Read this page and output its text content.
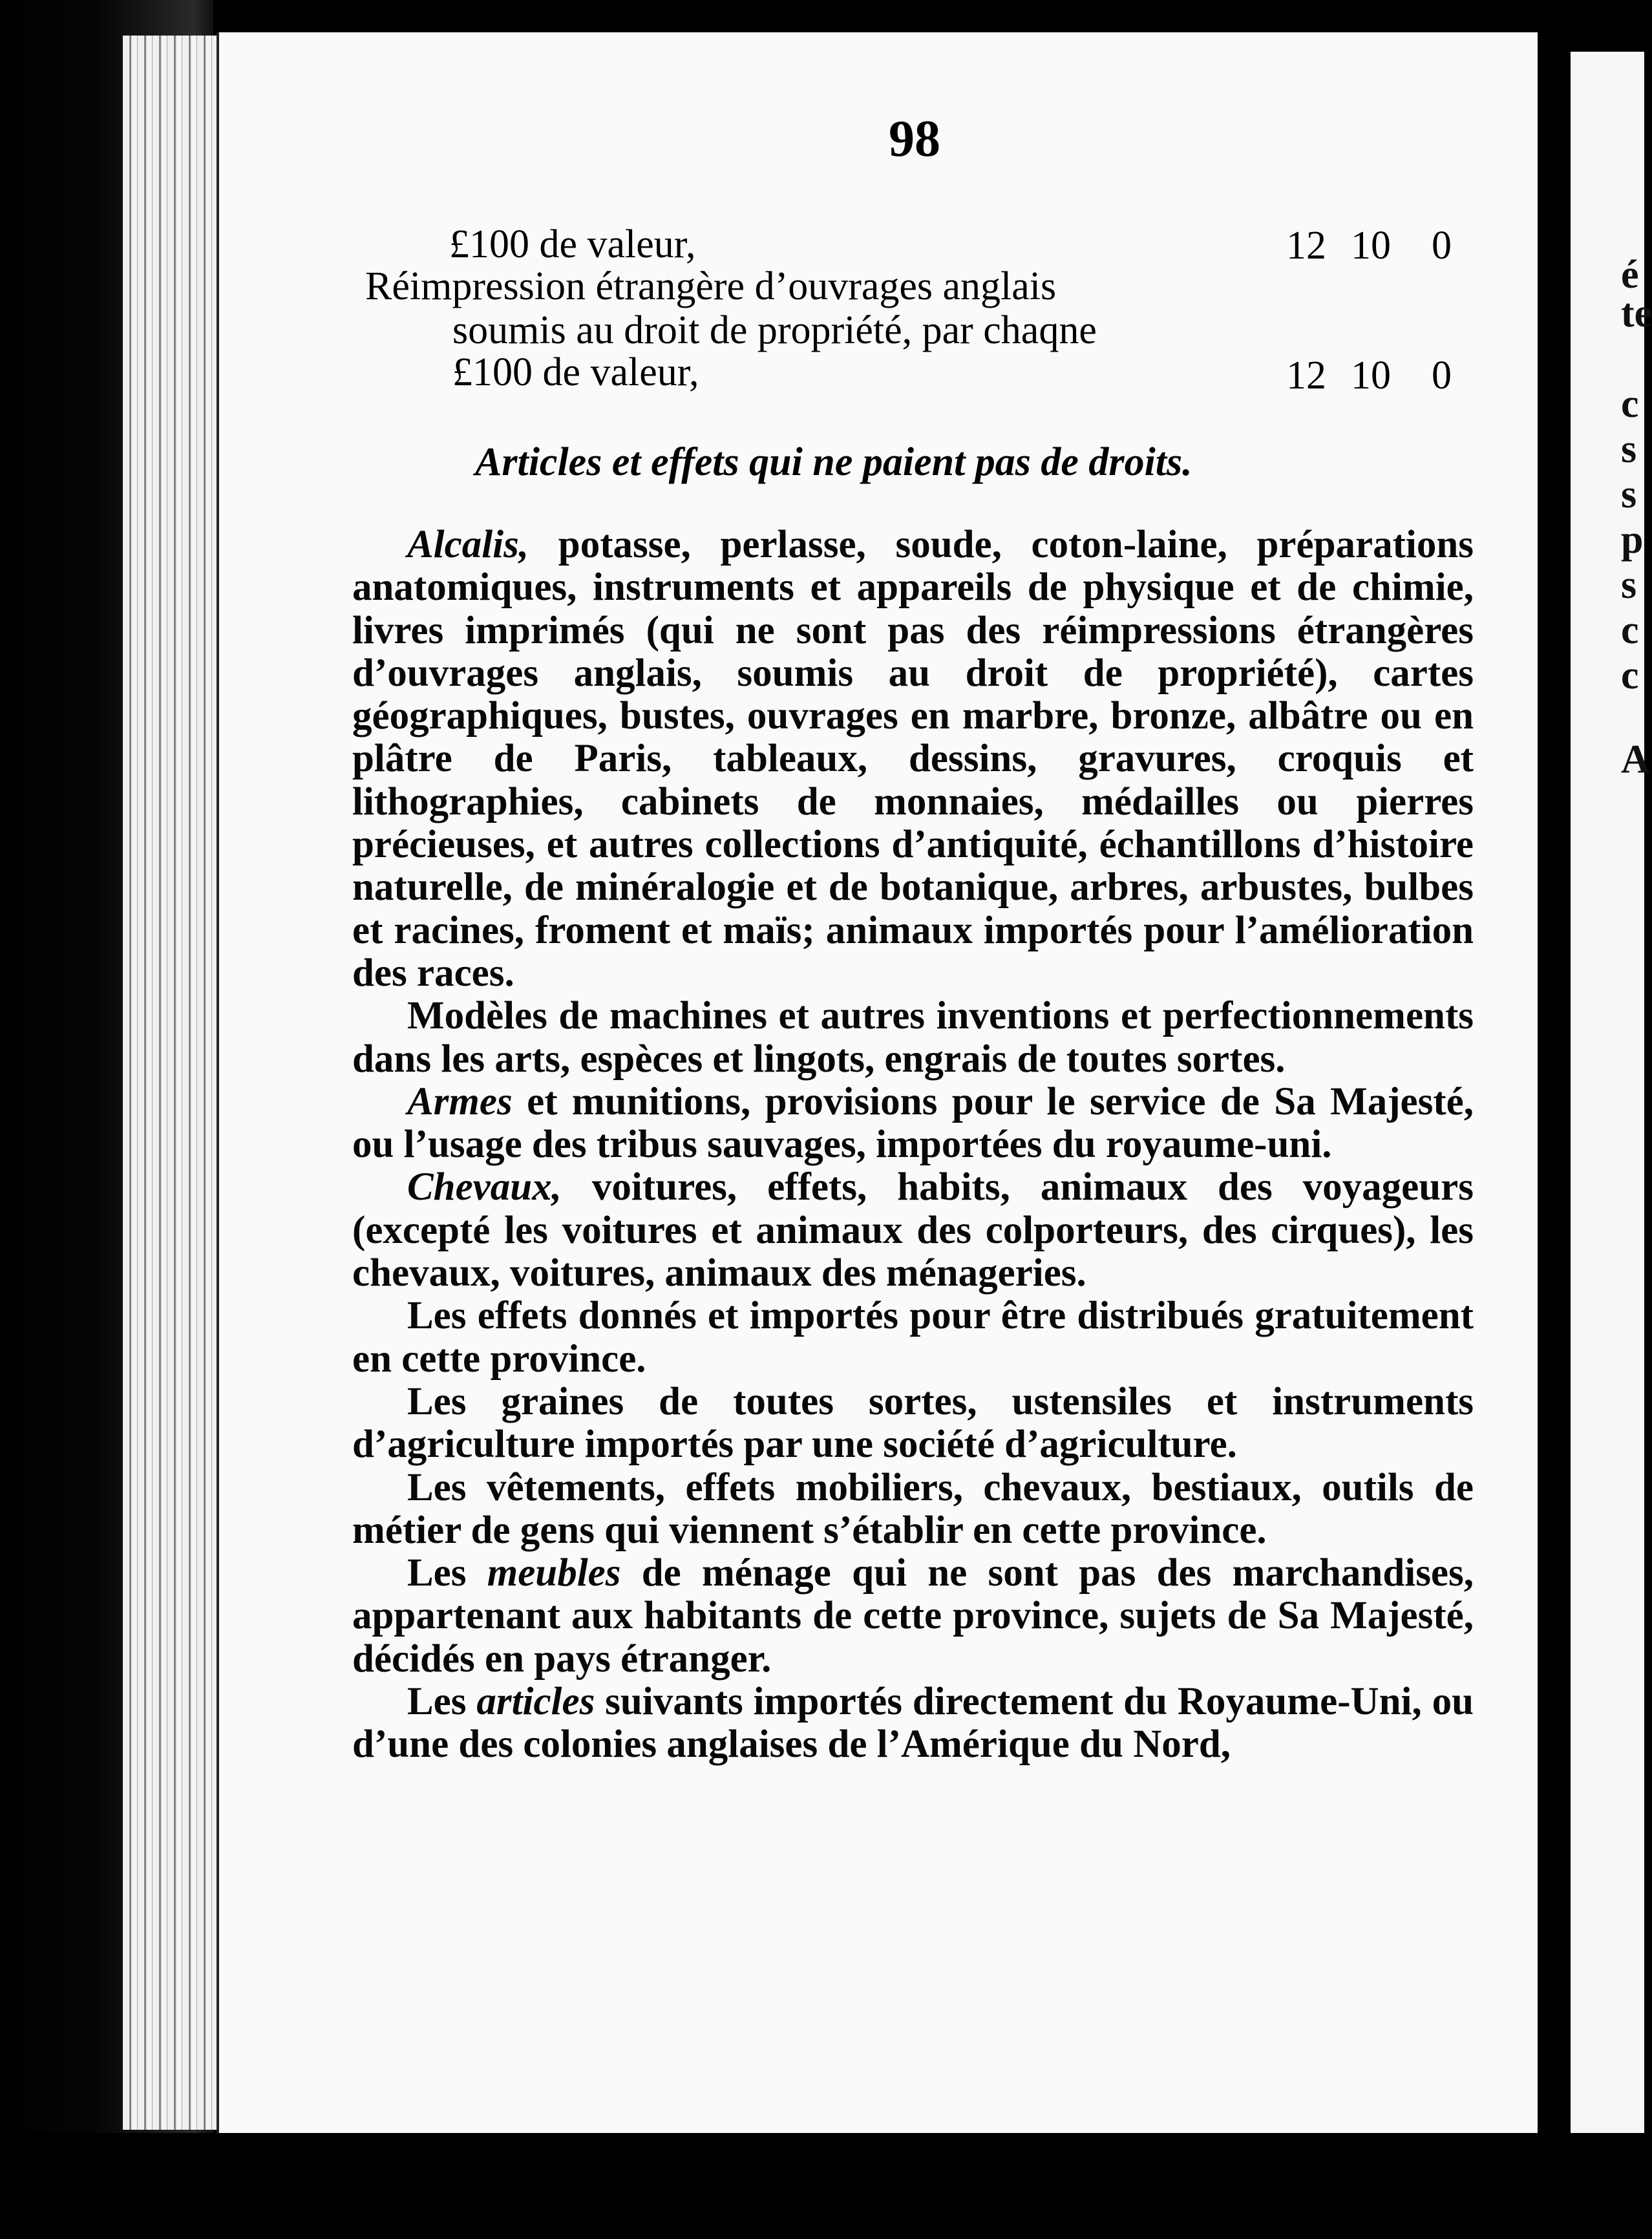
é
te
c
s
s
p
s
c
c
A
98
£100 de valeur,	12 10 0
Réimpression étrangère d’ouvrages anglais
soumis au droit de propriété, par chaqne
£100 de valeur,	12 10 0
Articles et effets qui ne paient pas de droits.

Alcalis, potasse, perlasse, soude, coton-laine, préparations anatomiques, instruments et appareils de physique et de chimie, livres imprimés (qui ne sont pas des réimpressions étrangères d’ouvrages anglais, soumis au droit de propriété), cartes géographiques, bustes, ouvrages en marbre, bronze, albâtre ou en plâtre de Paris, tableaux, dessins, gravures, croquis et lithographies, cabinets de monnaies, médailles ou pierres précieuses, et autres collections d’antiquité, échantillons d’histoire naturelle, de minéralogie et de botanique, arbres, arbustes, bulbes et racines, froment et maïs; animaux importés pour l’amélioration des races.

Modèles de machines et autres inventions et perfectionnements dans les arts, espèces et lingots, engrais de toutes sortes.

Armes et munitions, provisions pour le service de Sa Majesté, ou l’usage des tribus sauvages, importées du royaume-uni.

Chevaux, voitures, effets, habits, animaux des voyageurs (excepté les voitures et animaux des colporteurs, des cirques), les chevaux, voitures, animaux des ménageries.

Les effets donnés et importés pour être distribués gratuitement en cette province.

Les graines de toutes sortes, ustensiles et instruments d’agriculture importés par une société d’agriculture.

Les vêtements, effets mobiliers, chevaux, bestiaux, outils de métier de gens qui viennent s’établir en cette province.

Les meubles de ménage qui ne sont pas des marchandises, appartenant aux habitants de cette province, sujets de Sa Majesté, décidés en pays étranger.

Les articles suivants importés directement du Royaume-Uni, ou d’une des colonies anglaises de l’Amérique du Nord,
